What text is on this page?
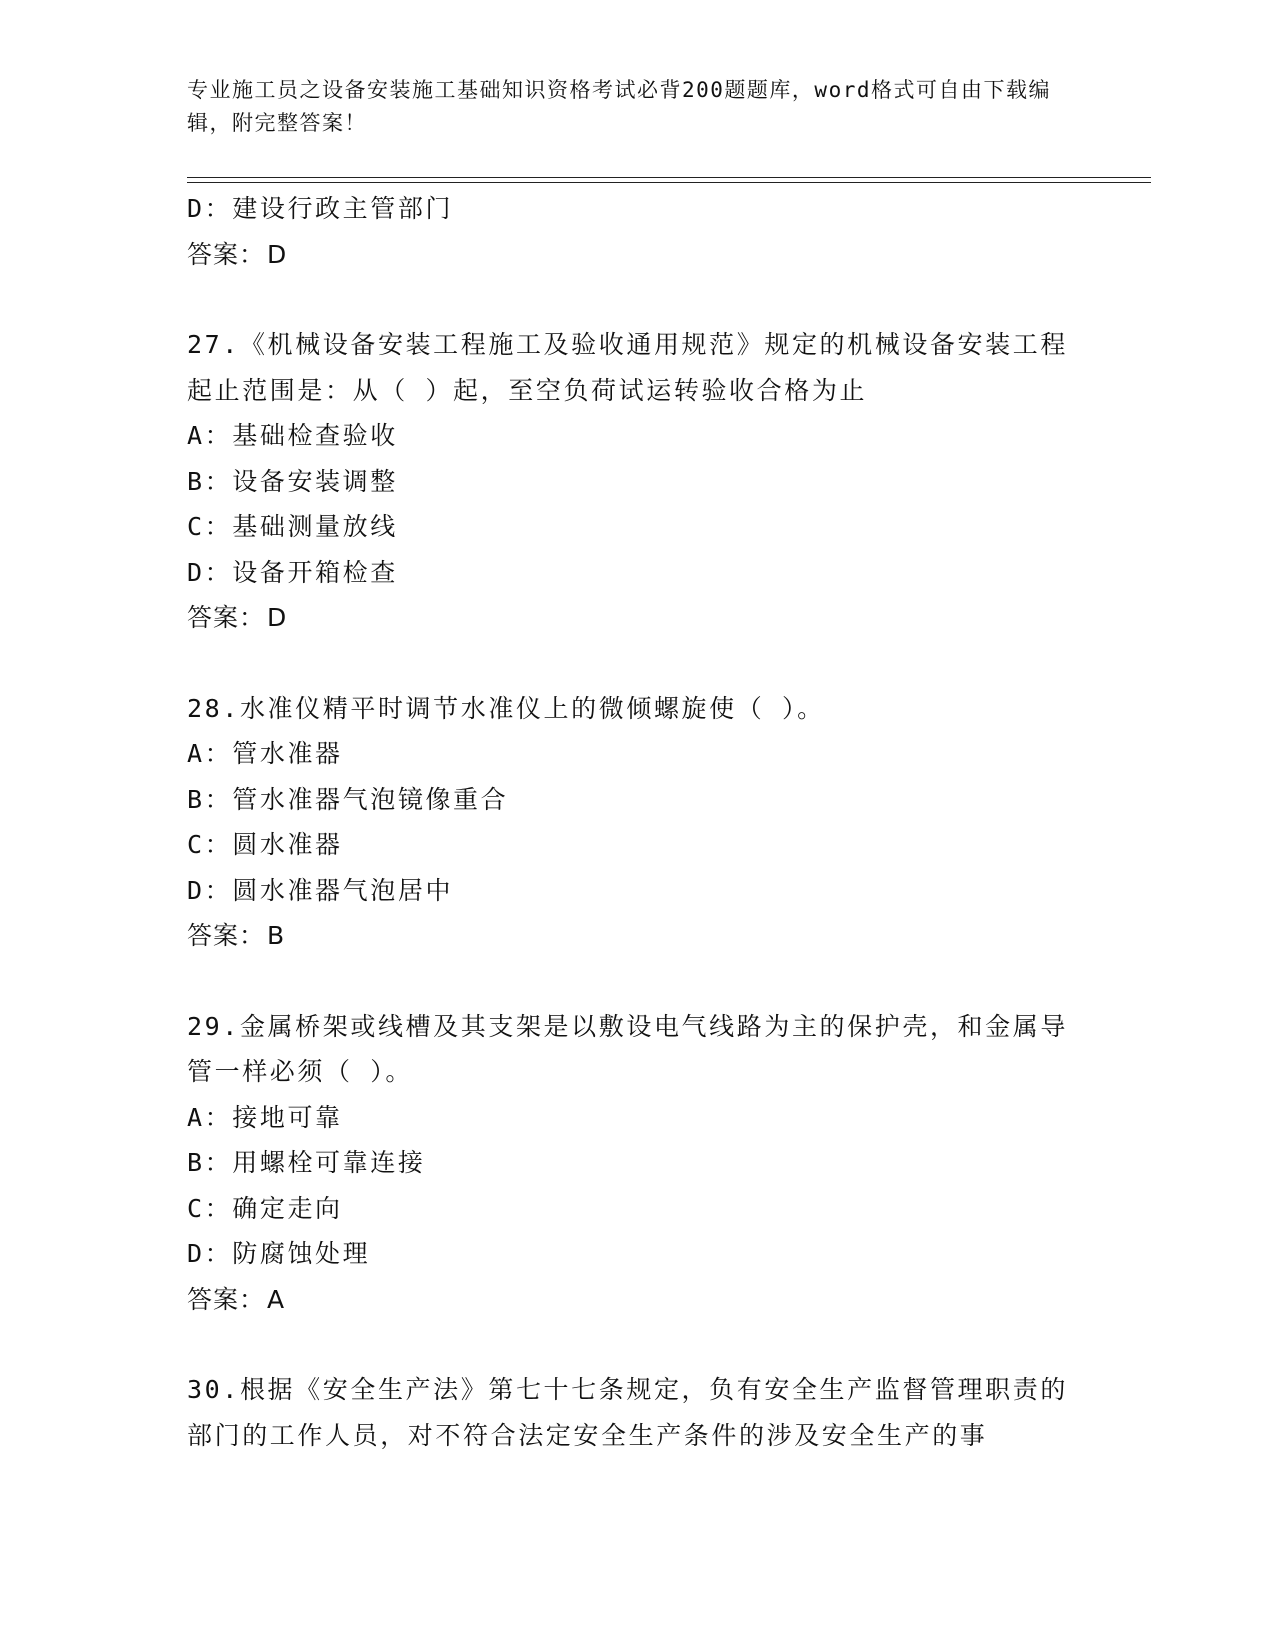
专业施工员之设备安装施工基础知识资格考试必背200题题库，word格式可自由下载编辑，附完整答案！
D：建设行政主管部门
答案：D
27.《机械设备安装工程施工及验收通用规范》规定的机械设备安装工程起止范围是：从（ ）起，至空负荷试运转验收合格为止
A：基础检查验收
B：设备安装调整
C：基础测量放线
D：设备开箱检查
答案：D
28.水准仪精平时调节水准仪上的微倾螺旋使（ ）。
A：管水准器
B：管水准器气泡镜像重合
C：圆水准器
D：圆水准器气泡居中
答案：B
29.金属桥架或线槽及其支架是以敷设电气线路为主的保护壳，和金属导管一样必须（ ）。
A：接地可靠
B：用螺栓可靠连接
C：确定走向
D：防腐蚀处理
答案：A
30.根据《安全生产法》第七十七条规定，负有安全生产监督管理职责的部门的工作人员，对不符合法定安全生产条件的涉及安全生产的事
